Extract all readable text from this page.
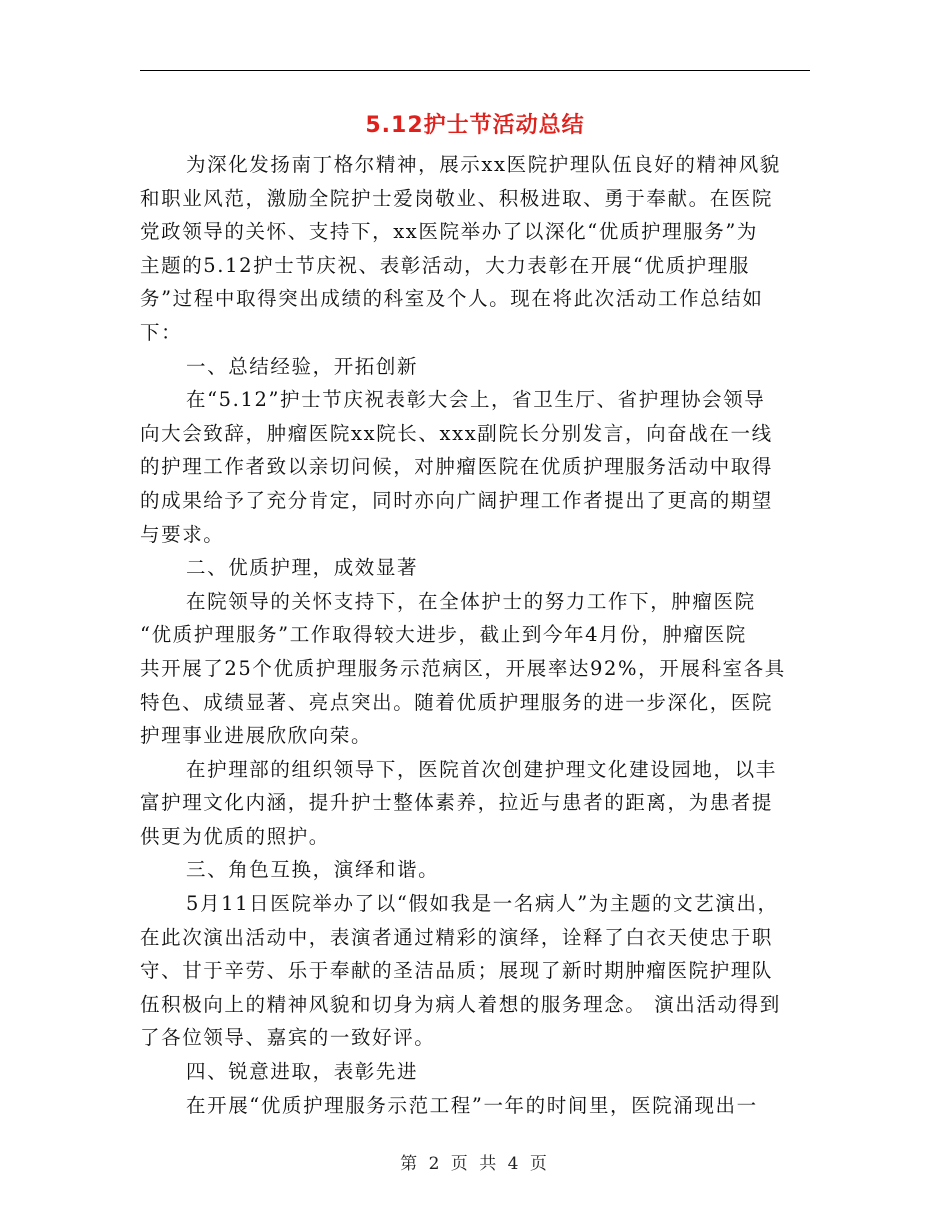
5.12护士节活动总结
为深化发扬南丁格尔精神，展示xx医院护理队伍良好的精神风貌
和职业风范，激励全院护士爱岗敬业、积极进取、勇于奉献。在医院
党政领导的关怀、支持下，xx医院举办了以深化“优质护理服务”为
主题的5.12护士节庆祝、表彰活动，大力表彰在开展“优质护理服
务”过程中取得突出成绩的科室及个人。现在将此次活动工作总结如
下：
一、总结经验，开拓创新
在“5.12”护士节庆祝表彰大会上，省卫生厅、省护理协会领导
向大会致辞，肿瘤医院xx院长、xxx副院长分别发言，向奋战在一线
的护理工作者致以亲切问候，对肿瘤医院在优质护理服务活动中取得
的成果给予了充分肯定，同时亦向广阔护理工作者提出了更高的期望
与要求。
二、优质护理，成效显著
在院领导的关怀支持下，在全体护士的努力工作下，肿瘤医院
“优质护理服务”工作取得较大进步，截止到今年4月份，肿瘤医院
共开展了25个优质护理服务示范病区，开展率达92%，开展科室各具
特色、成绩显著、亮点突出。随着优质护理服务的进一步深化，医院
护理事业进展欣欣向荣。
在护理部的组织领导下，医院首次创建护理文化建设园地，以丰
富护理文化内涵，提升护士整体素养，拉近与患者的距离，为患者提
供更为优质的照护。
三、角色互换，演绎和谐。
5月11日医院举办了以“假如我是一名病人”为主题的文艺演出，
在此次演出活动中，表演者通过精彩的演绎，诠释了白衣天使忠于职
守、甘于辛劳、乐于奉献的圣洁品质；展现了新时期肿瘤医院护理队
伍积极向上的精神风貌和切身为病人着想的服务理念。 演出活动得到
了各位领导、嘉宾的一致好评。
四、锐意进取，表彰先进
在开展“优质护理服务示范工程”一年的时间里，医院涌现出一
第 2 页 共 4 页
